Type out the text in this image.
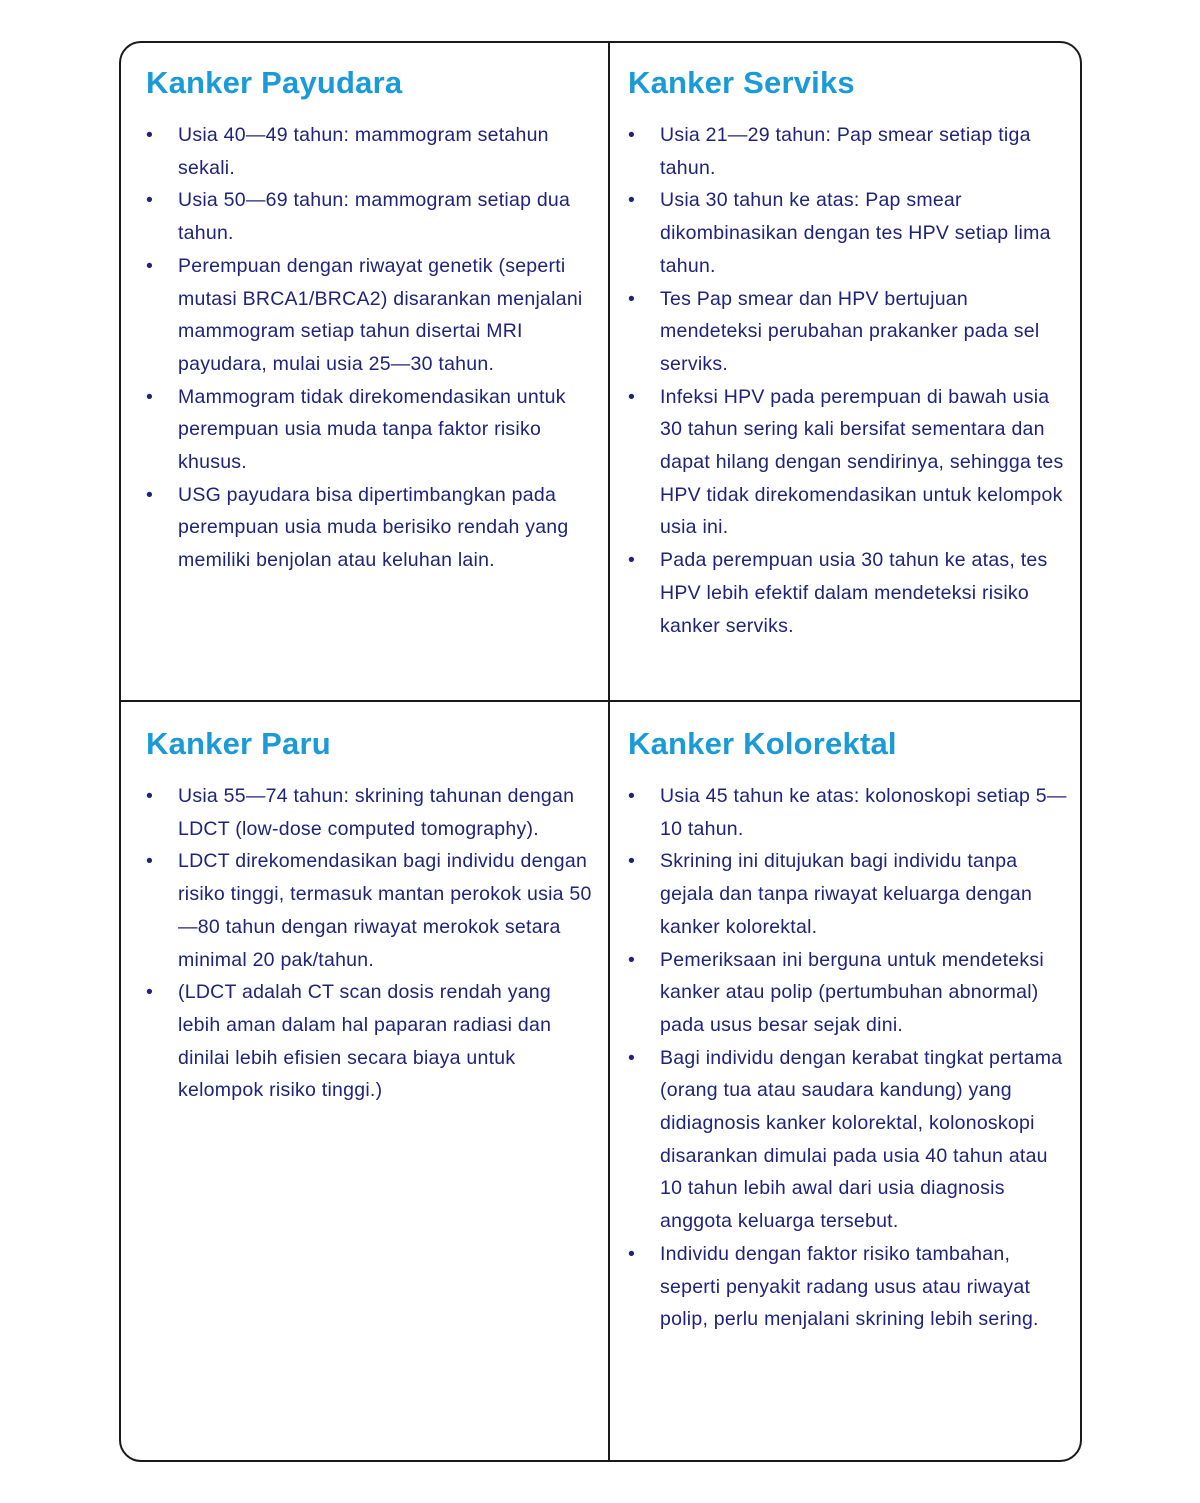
Kanker Payudara
• Usia 40—49 tahun: mammogram setahun sekali.
• Usia 50—69 tahun: mammogram setiap dua tahun.
• Perempuan dengan riwayat genetik (seperti mutasi BRCA1/BRCA2) disarankan menjalani mammogram setiap tahun disertai MRI payudara, mulai usia 25—30 tahun.
• Mammogram tidak direkomendasikan untuk perempuan usia muda tanpa faktor risiko khusus.
• USG payudara bisa dipertimbangkan pada perempuan usia muda berisiko rendah yang memiliki benjolan atau keluhan lain.
Kanker Serviks
• Usia 21—29 tahun: Pap smear setiap tiga tahun.
• Usia 30 tahun ke atas: Pap smear dikombinasikan dengan tes HPV setiap lima tahun.
• Tes Pap smear dan HPV bertujuan mendeteksi perubahan prakanker pada sel serviks.
• Infeksi HPV pada perempuan di bawah usia 30 tahun sering kali bersifat sementara dan dapat hilang dengan sendirinya, sehingga tes HPV tidak direkomendasikan untuk kelompok usia ini.
• Pada perempuan usia 30 tahun ke atas, tes HPV lebih efektif dalam mendeteksi risiko kanker serviks.
Kanker Paru
• Usia 55—74 tahun: skrining tahunan dengan LDCT (low-dose computed tomography).
• LDCT direkomendasikan bagi individu dengan risiko tinggi, termasuk mantan perokok usia 50—80 tahun dengan riwayat merokok setara minimal 20 pak/tahun.
• (LDCT adalah CT scan dosis rendah yang lebih aman dalam hal paparan radiasi dan dinilai lebih efisien secara biaya untuk kelompok risiko tinggi.)
Kanker Kolorektal
• Usia 45 tahun ke atas: kolonoskopi setiap 5—10 tahun.
• Skrining ini ditujukan bagi individu tanpa gejala dan tanpa riwayat keluarga dengan kanker kolorektal.
• Pemeriksaan ini berguna untuk mendeteksi kanker atau polip (pertumbuhan abnormal) pada usus besar sejak dini.
• Bagi individu dengan kerabat tingkat pertama (orang tua atau saudara kandung) yang didiagnosis kanker kolorektal, kolonoskopi disarankan dimulai pada usia 40 tahun atau 10 tahun lebih awal dari usia diagnosis anggota keluarga tersebut.
• Individu dengan faktor risiko tambahan, seperti penyakit radang usus atau riwayat polip, perlu menjalani skrining lebih sering.
